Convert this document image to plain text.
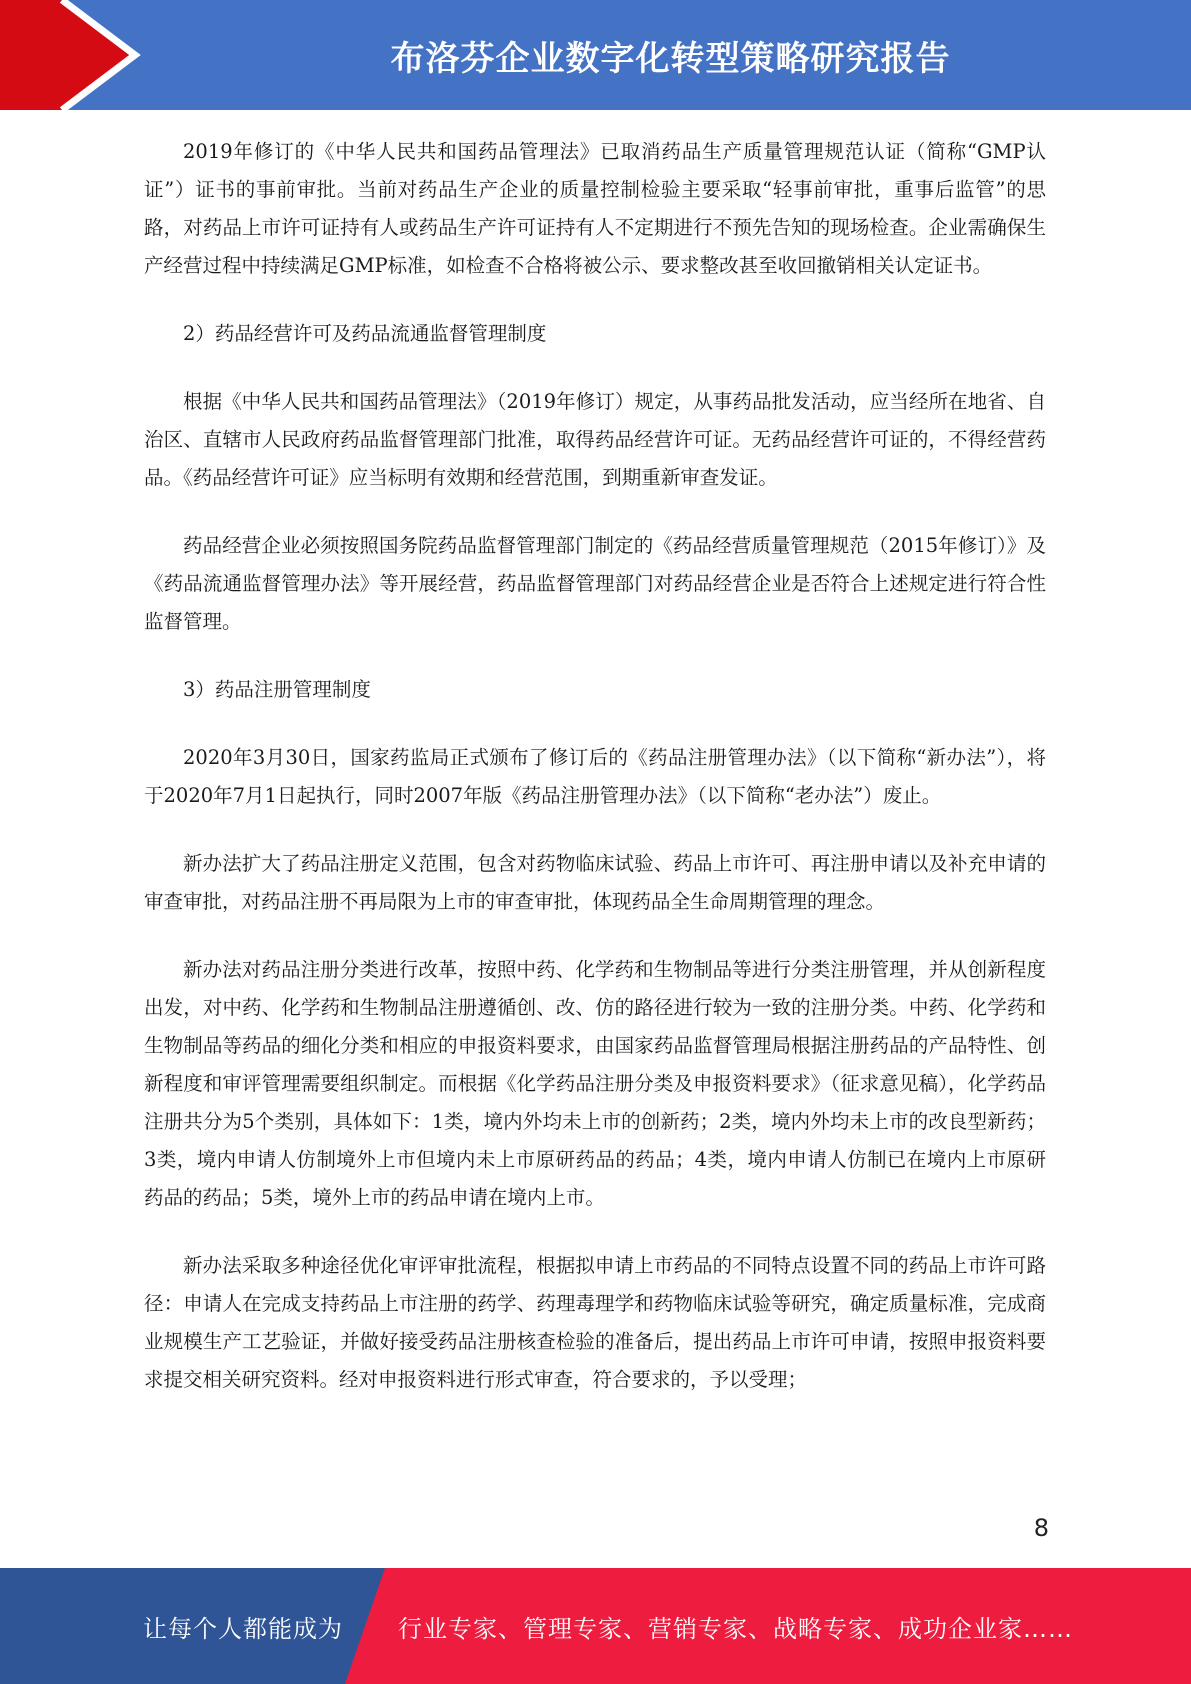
布洛芬企业数字化转型策略研究报告

2019年修订的《中华人民共和国药品管理法》已取消药品生产质量管理规范认证（简称“GMP认证”）证书的事前审批。当前对药品生产企业的质量控制检验主要采取“轻事前审批，重事后监管”的思路，对药品上市许可证持有人或药品生产许可证持有人不定期进行不预先告知的现场检查。企业需确保生产经营过程中持续满足GMP标准，如检查不合格将被公示、要求整改甚至收回撤销相关认定证书。

2）药品经营许可及药品流通监督管理制度

根据《中华人民共和国药品管理法》（2019年修订）规定，从事药品批发活动，应当经所在地省、自治区、直辖市人民政府药品监督管理部门批准，取得药品经营许可证。无药品经营许可证的，不得经营药品。《药品经营许可证》应当标明有效期和经营范围，到期重新审查发证。

药品经营企业必须按照国务院药品监督管理部门制定的《药品经营质量管理规范（2015年修订）》及《药品流通监督管理办法》等开展经营，药品监督管理部门对药品经营企业是否符合上述规定进行符合性监督管理。

3）药品注册管理制度

2020年3月30日，国家药监局正式颁布了修订后的《药品注册管理办法》（以下简称“新办法”），将于2020年7月1日起执行，同时2007年版《药品注册管理办法》（以下简称“老办法”）废止。

新办法扩大了药品注册定义范围，包含对药物临床试验、药品上市许可、再注册申请以及补充申请的审查审批，对药品注册不再局限为上市的审查审批，体现药品全生命周期管理的理念。

新办法对药品注册分类进行改革，按照中药、化学药和生物制品等进行分类注册管理，并从创新程度出发，对中药、化学药和生物制品注册遵循创、改、仿的路径进行较为一致的注册分类。中药、化学药和生物制品等药品的细化分类和相应的申报资料要求，由国家药品监督管理局根据注册药品的产品特性、创新程度和审评管理需要组织制定。而根据《化学药品注册分类及申报资料要求》（征求意见稿），化学药品注册共分为5个类别，具体如下：1类，境内外均未上市的创新药；2类，境内外均未上市的改良型新药；3类，境内申请人仿制境外上市但境内未上市原研药品的药品；4类，境内申请人仿制已在境内上市原研药品的药品；5类，境外上市的药品申请在境内上市。

新办法采取多种途径优化审评审批流程，根据拟申请上市药品的不同特点设置不同的药品上市许可路径：申请人在完成支持药品上市注册的药学、药理毒理学和药物临床试验等研究，确定质量标准，完成商业规模生产工艺验证，并做好接受药品注册核查检验的准备后，提出药品上市许可申请，按照申报资料要求提交相关研究资料。经对申报资料进行形式审查，符合要求的，予以受理；

8
让每个人都能成为 行业专家、管理专家、营销专家、战略专家、成功企业家……
